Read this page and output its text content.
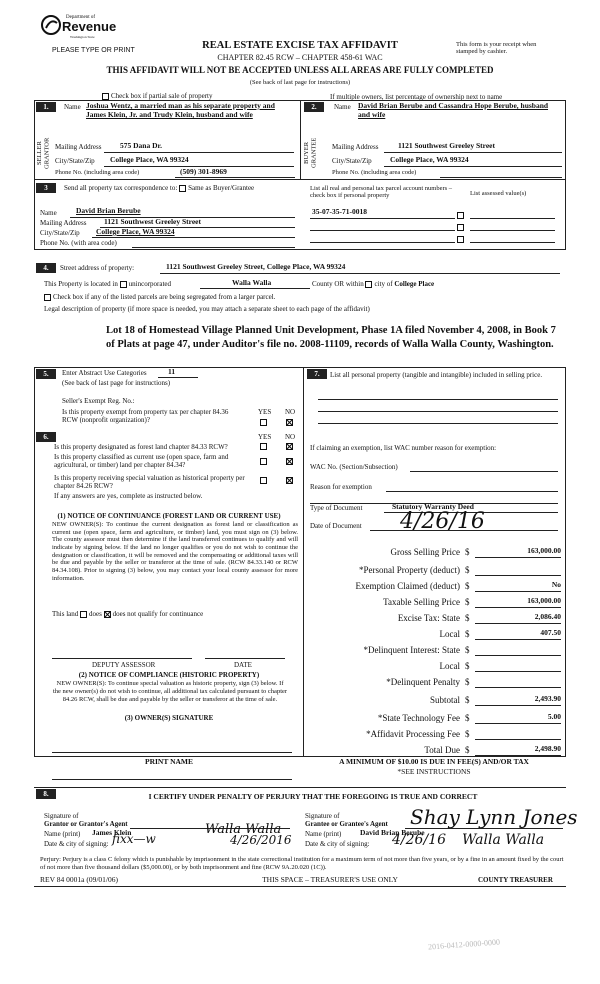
Department of
Revenue
Washington State
PLEASE TYPE OR PRINT	REAL ESTATE EXCISE TAX AFFIDAVIT
CHAPTER 82.45 RCW – CHAPTER 458-61 WAC
THIS AFFIDAVIT WILL NOT BE ACCEPTED UNLESS ALL AREAS ARE FULLY COMPLETED
(See back of last page for instructions)
This form is your receipt when stamped by cashier.
Check box if partial sale of property	If multiple owners, list percentage of ownership next to name
1.
SELLER GRANTOR
Name Joshua Wentz, a married man as his separate property and James Klein, Jr. and Trudy Klein, husband and wife
Mailing Address 575 Dana Dr.
City/State/Zip College Place, WA 99324
Phone No. (including area code)	(509) 301-8969
2.
BUYER GRANTEE
Name David Brian Berube and Cassandra Hope Berube, husband and wife
Mailing Address	1121 Southwest Greeley Street
City/State/Zip College Place, WA 99324
Phone No. (including area code)
3	Send all property tax correspondence to: Same as Buyer/Grantee
Name	David Brian Berube
Mailing Address 1121 Southwest Greeley Street
City/State/Zip College Place, WA 99324
Phone No. (with area code)
List all real and personal tax parcel account numbers – check box if personal property	List assessed value(s)
35-07-35-71-0018
4.	Street address of property:	1121 Southwest Greeley Street, College Place, WA 99324
This Property is located in unincorporated	Walla Walla	County OR within city of College Place
Check box if any of the listed parcels are being segregated from a larger parcel.
Legal description of property (if more space is needed, you may attach a separate sheet to each page of the affidavit)
Lot 18 of Homestead Village Planned Unit Development, Phase 1A filed November 4, 2008, in Book 7 of Plats at page 47, under Auditor's file no. 2008-11109, records of Walla Walla County, Washington.
5.	Enter Abstract Use Categories	11
(See back of last page for instructions)
Seller's Exempt Reg. No.:
YES NO
Is this property exempt from property tax per chapter 84.36 RCW (nonprofit organization)?
6.	YES NO
Is this property designated as forest land chapter 84.33 RCW?
Is this property classified as current use (open space, farm and agricultural, or timber) land per chapter 84.34?
Is this property receiving special valuation as historical property per chapter 84.26 RCW?
If any answers are yes, complete as instructed below.
(1) NOTICE OF CONTINUANCE (FOREST LAND OR CURRENT USE)
NEW OWNER(S): To continue the current designation as forest land or classification as current use (open space, farm and agriculture, or timber) land, you must sign on (3) below. The county assessor must then determine if the land transferred continues to qualify and will indicate by signing below. If the land no longer qualifies or you do not wish to continue the designation or classification, it will be removed and the compensating or additional taxes will be due and payable by the seller or transferor at the time of sale. (RCW 84.33.140 or RCW 84.34.108). Prior to signing (3) below, you may contact your local county assessor for more information.
This land does does not qualify for continuance
DEPUTY ASSESSOR	DATE
(2) NOTICE OF COMPLIANCE (HISTORIC PROPERTY)
NEW OWNER(S): To continue special valuation as historic property, sign (3) below. If the new owner(s) do not wish to continue, all additional tax calculated pursuant to chapter 84.26 RCW, shall be due and payable by the seller or transferor at the time of sale.
(3) OWNER(S) SIGNATURE
PRINT NAME
7.	List all personal property (tangible and intangible) included in selling price.
If claiming an exemption, list WAC number reason for exemption:
WAC No. (Section/Subsection)
Reason for exemption
Type of Document	Statutory Warranty Deed
Date of Document 4/26/16
Gross Selling Price $	163,000.00
*Personal Property (deduct) $
Exemption Claimed (deduct) $	No
Taxable Selling Price $	163,000.00
Excise Tax: State $	2,086.40
Local $	407.50
*Delinquent Interest: State $
Local $
*Delinquent Penalty $
Subtotal $	2,493.90
*State Technology Fee $	5.00
*Affidavit Processing Fee $
Total Due $	2,498.90
A MINIMUM OF $10.00 IS DUE IN FEE(S) AND/OR TAX
*SEE INSTRUCTIONS
8.	I CERTIFY UNDER PENALTY OF PERJURY THAT THE FOREGOING IS TRUE AND CORRECT
Signature of
Grantor or Grantor's Agent
Name (print) James Klein	Walla Walla
Date & city of signing: fixx—w	4/26/2016
Signature of
Grantee or Grantee's Agent Shay Lynn Jones
Name (print) David Brian Berube
Date & city of signing: 4/26/16 Walla Walla
Perjury: Perjury is a class C felony which is punishable by imprisonment in the state correctional institution for a maximum term of not more than five years, or by a fine in an amount fixed by the court of not more than five thousand dollars ($5,000.00), or by both imprisonment and fine (RCW 9A.20.020 (1C)).
REV 84 0001a (09/01/06)	THIS SPACE – TREASURER'S USE ONLY	COUNTY TREASURER
2016-0412-0000-0000
